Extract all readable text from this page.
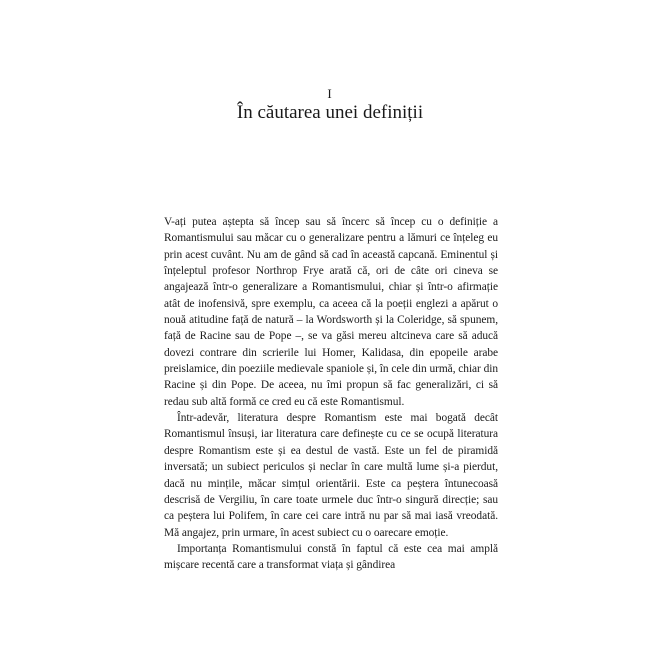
I
În căutarea unei definiții

V-ați putea aștepta să încep sau să încerc să încep cu o definiție a Romantismului sau măcar cu o generalizare pentru a lămuri ce înțeleg eu prin acest cuvânt. Nu am de gând să cad în această capcană. Eminentul și înțeleptul profesor Northrop Frye arată că, ori de câte ori cineva se angajează într-o generalizare a Romantismului, chiar și într-o afirmație atât de inofensivă, spre exemplu, ca aceea că la poeții englezi a apărut o nouă atitudine față de natură – la Wordsworth și la Coleridge, să spunem, față de Racine sau de Pope –, se va găsi mereu altcineva care să aducă dovezi contrare din scrierile lui Homer, Kalidasa, din epopeile arabe preislamice, din poeziile medievale spaniole și, în cele din urmă, chiar din Racine și din Pope. De aceea, nu îmi propun să fac generalizări, ci să redau sub altă formă ce cred eu că este Romantismul.

Într-adevăr, literatura despre Romantism este mai bogată decât Romantismul însuși, iar literatura care definește cu ce se ocupă literatura despre Romantism este și ea destul de vastă. Este un fel de piramidă inversată; un subiect periculos și neclar în care multă lume și-a pierdut, dacă nu mințile, măcar simțul orientării. Este ca peștera întunecoasă descrisă de Vergiliu, în care toate urmele duc într-o singură direcție; sau ca peștera lui Polifem, în care cei care intră nu par să mai iasă vreodată. Mă angajez, prin urmare, în acest subiect cu o oarecare emoție.

Importanța Romantismului constă în faptul că este cea mai amplă mișcare recentă care a transformat viața și gândirea
